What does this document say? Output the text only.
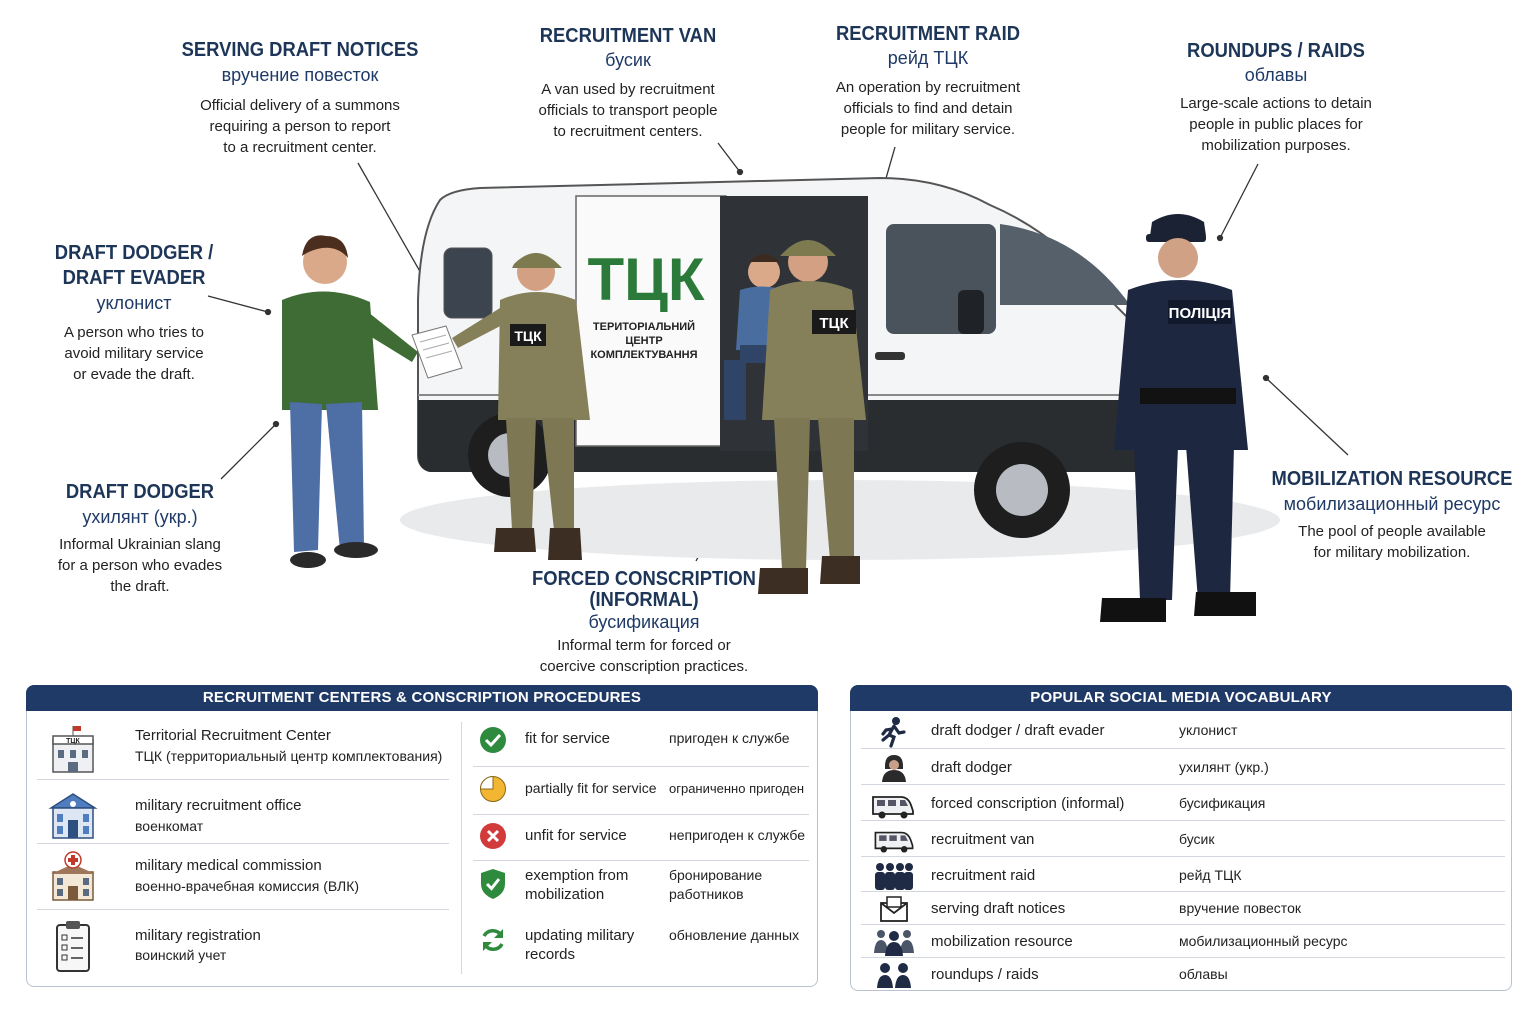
SERVING DRAFT NOTICES
вручение повесток
Official delivery of a summons
requiring a person to report
to a recruitment center.
RECRUITMENT VAN
бусик
A van used by recruitment
officials to transport people
to recruitment centers.
RECRUITMENT RAID
рейд ТЦК
An operation by recruitment
officials to find and detain
people for military service.
ROUNDUPS / RAIDS
облавы
Large-scale actions to detain
people in public places for
mobilization purposes.
DRAFT DODGER /
DRAFT EVADER
уклонист
A person who tries to
avoid military service
or evade the draft.
DRAFT DODGER
ухилянт (укр.)
Informal Ukrainian slang
for a person who evades
the draft.	FORCED CONSCRIPTION
(INFORMAL)
бусификация
Informal term for forced or
coercive conscription practices.
MOBILIZATION RESOURCE
мобилизационный ресурс
The pool of people available
for military mobilization.
ТЦК
ТЕРИТОРІАЛЬНИЙ
ЦЕНТР
КОМПЛЕКТУВАННЯ
ТЦК
ТЦК
ПОЛІЦІЯ
RECRUITMENT CENTERS & CONSCRIPTION PROCEDURES
ТЦК	Territorial Recruitment Center
ТЦК (территориальный центр комплектования)
military recruitment office
военкомат
military medical commission
военно-врачебная комиссия (ВЛК)
military registration
воинский учет
fit for service	пригоден к службе
partially fit for service ограниченно пригоден
unfit for service	непригоден к службе
exemption from
mobilization
бронирование
работников
updating military
records
обновление данных
POPULAR SOCIAL MEDIA VOCABULARY
draft dodger / draft evader	уклонист
draft dodger	ухилянт (укр.)
forced conscription (informal)	бусификация
recruitment van	бусик
recruitment raid	рейд ТЦК
serving draft notices	вручение повесток
mobilization resource	мобилизационный ресурс
roundups / raids	облавы
